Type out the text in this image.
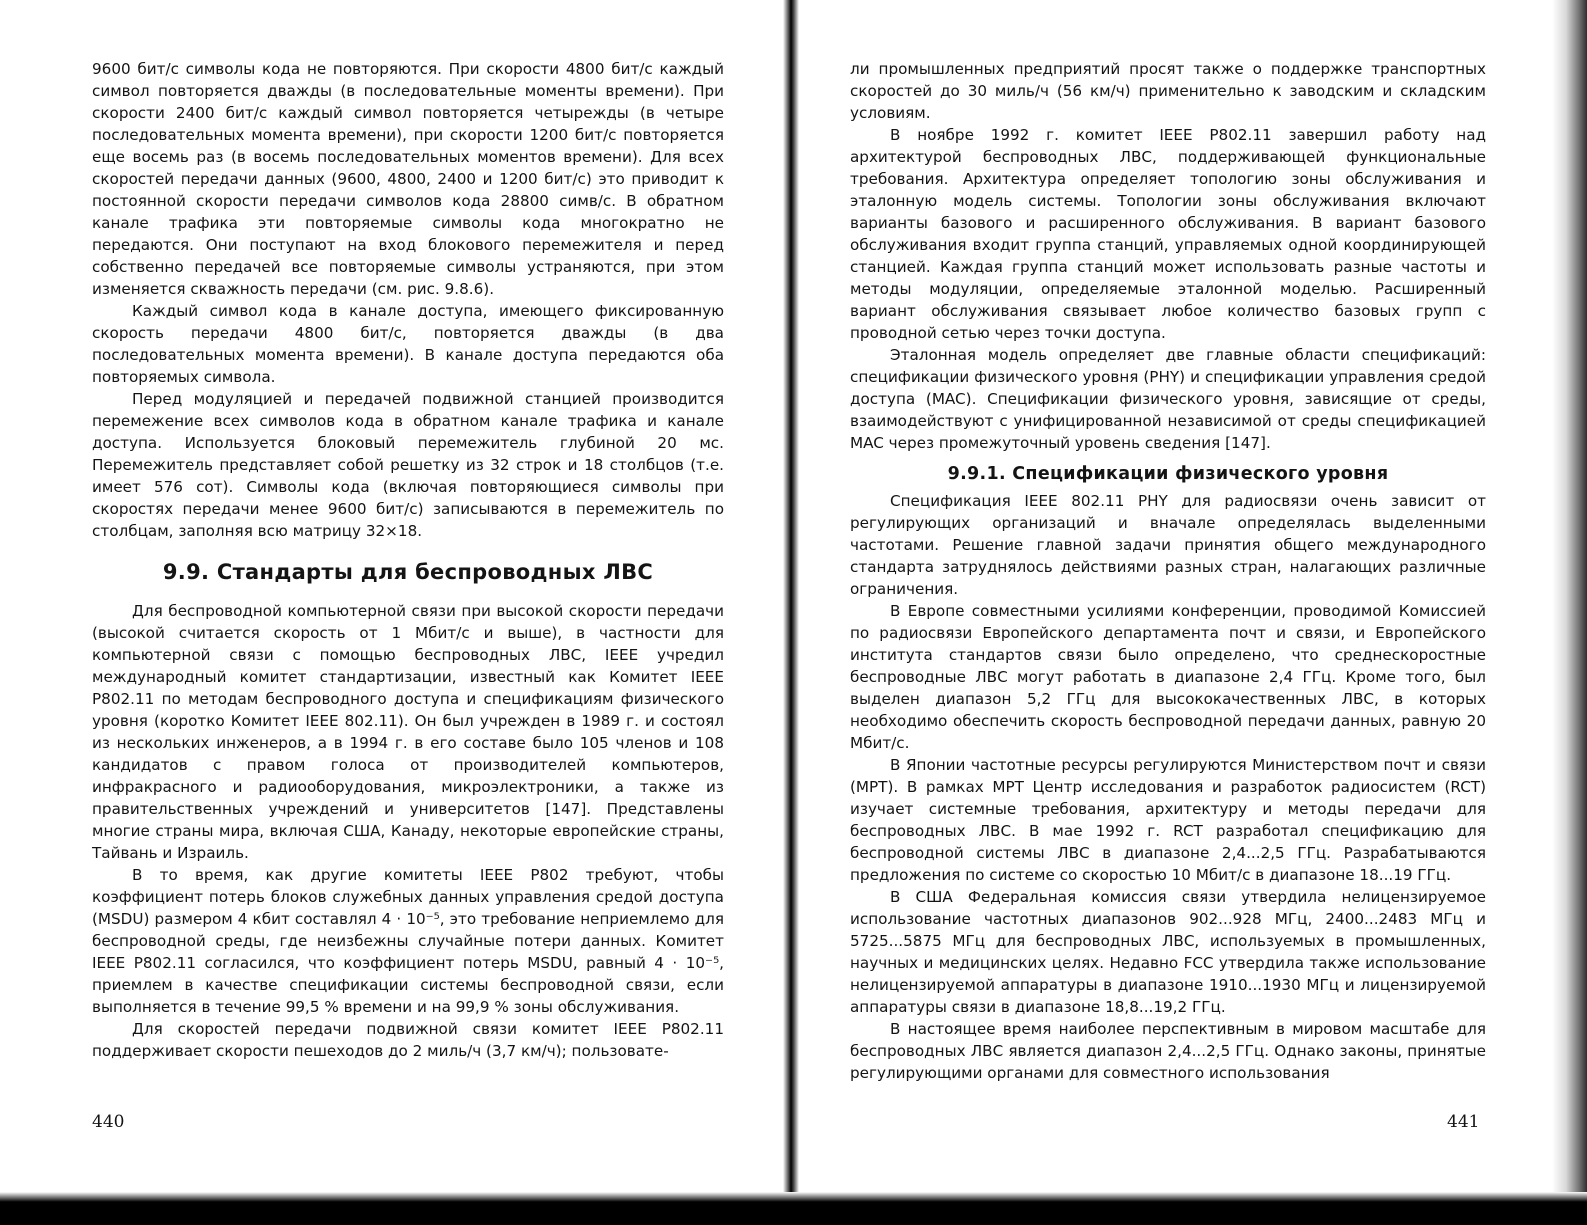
9600 бит/с символы кода не повторяются. При скорости 4800 бит/с каждый символ повторяется дважды (в последовательные моменты времени). При скорости 2400 бит/с каждый символ повторяется четырежды (в четыре последовательных момента времени), при скорости 1200 бит/с повторяется еще восемь раз (в восемь последовательных моментов времени). Для всех скоростей передачи данных (9600, 4800, 2400 и 1200 бит/с) это приводит к постоянной скорости передачи символов кода 28800 симв/с. В обратном канале трафика эти повторяемые символы кода многократно не передаются. Они поступают на вход блокового перемежителя и перед собственно передачей все повторяемые символы устраняются, при этом изменяется скважность передачи (см. рис. 9.8.6).

Каждый символ кода в канале доступа, имеющего фиксированную скорость передачи 4800 бит/с, повторяется дважды (в два последовательных момента времени). В канале доступа передаются оба повторяемых символа.

Перед модуляцией и передачей подвижной станцией производится перемежение всех символов кода в обратном канале трафика и канале доступа. Используется блоковый перемежитель глубиной 20 мс. Перемежитель представляет собой решетку из 32 строк и 18 столбцов (т.е. имеет 576 сот). Символы кода (включая повторяющиеся символы при скоростях передачи менее 9600 бит/с) записываются в перемежитель по столбцам, заполняя всю матрицу 32×18.

9.9. Стандарты для беспроводных ЛВС

Для беспроводной компьютерной связи при высокой скорости передачи (высокой считается скорость от 1 Мбит/с и выше), в частности для компьютерной связи с помощью беспроводных ЛВС, IEEE учредил международный комитет стандартизации, известный как Комитет IEEE P802.11 по методам беспроводного доступа и спецификациям физического уровня (коротко Комитет IEEE 802.11). Он был учрежден в 1989 г. и состоял из нескольких инженеров, а в 1994 г. в его составе было 105 членов и 108 кандидатов с правом голоса от производителей компьютеров, инфракрасного и радиооборудования, микроэлектроники, а также из правительственных учреждений и университетов [147]. Представлены многие страны мира, включая США, Канаду, некоторые европейские страны, Тайвань и Израиль.

В то время, как другие комитеты IEEE P802 требуют, чтобы коэффициент потерь блоков служебных данных управления средой доступа (MSDU) размером 4 кбит составлял 4 · 10⁻⁵, это требование неприемлемо для беспроводной среды, где неизбежны случайные потери данных. Комитет IEEE P802.11 согласился, что коэффициент потерь MSDU, равный 4 · 10⁻⁵, приемлем в качестве спецификации системы беспроводной связи, если выполняется в течение 99,5 % времени и на 99,9 % зоны обслуживания.

Для скоростей передачи подвижной связи комитет IEEE P802.11 поддерживает скорости пешеходов до 2 миль/ч (3,7 км/ч); пользовате-

440

ли промышленных предприятий просят также о поддержке транспортных скоростей до 30 миль/ч (56 км/ч) применительно к заводским и складским условиям.

В ноябре 1992 г. комитет IEEE P802.11 завершил работу над архитектурой беспроводных ЛВС, поддерживающей функциональные требования. Архитектура определяет топологию зоны обслуживания и эталонную модель системы. Топологии зоны обслуживания включают варианты базового и расширенного обслуживания. В вариант базового обслуживания входит группа станций, управляемых одной координирующей станцией. Каждая группа станций может использовать разные частоты и методы модуляции, определяемые эталонной моделью. Расширенный вариант обслуживания связывает любое количество базовых групп с проводной сетью через точки доступа.

Эталонная модель определяет две главные области спецификаций: спецификации физического уровня (PHY) и спецификации управления средой доступа (MAC). Спецификации физического уровня, зависящие от среды, взаимодействуют с унифицированной независимой от среды спецификацией MAC через промежуточный уровень сведения [147].

9.9.1. Спецификации физического уровня

Спецификация IEEE 802.11 PHY для радиосвязи очень зависит от регулирующих организаций и вначале определялась выделенными частотами. Решение главной задачи принятия общего международного стандарта затруднялось действиями разных стран, налагающих различные ограничения.

В Европе совместными усилиями конференции, проводимой Комиссией по радиосвязи Европейского департамента почт и связи, и Европейского института стандартов связи было определено, что среднескоростные беспроводные ЛВС могут работать в диапазоне 2,4 ГГц. Кроме того, был выделен диапазон 5,2 ГГц для высококачественных ЛВС, в которых необходимо обеспечить скорость беспроводной передачи данных, равную 20 Мбит/с.

В Японии частотные ресурсы регулируются Министерством почт и связи (MPT). В рамках MPT Центр исследования и разработок радиосистем (RCT) изучает системные требования, архитектуру и методы передачи для беспроводных ЛВС. В мае 1992 г. RCT разработал спецификацию для беспроводной системы ЛВС в диапазоне 2,4...2,5 ГГц. Разрабатываются предложения по системе со скоростью 10 Мбит/с в диапазоне 18...19 ГГц.

В США Федеральная комиссия связи утвердила нелицензируемое использование частотных диапазонов 902...928 МГц, 2400...2483 МГц и 5725...5875 МГц для беспроводных ЛВС, используемых в промышленных, научных и медицинских целях. Недавно FCC утвердила также использование нелицензируемой аппаратуры в диапазоне 1910...1930 МГц и лицензируемой аппаратуры связи в диапазоне 18,8...19,2 ГГц.

В настоящее время наиболее перспективным в мировом масштабе для беспроводных ЛВС является диапазон 2,4...2,5 ГГц. Однако законы, принятые регулирующими органами для совместного использования

441
